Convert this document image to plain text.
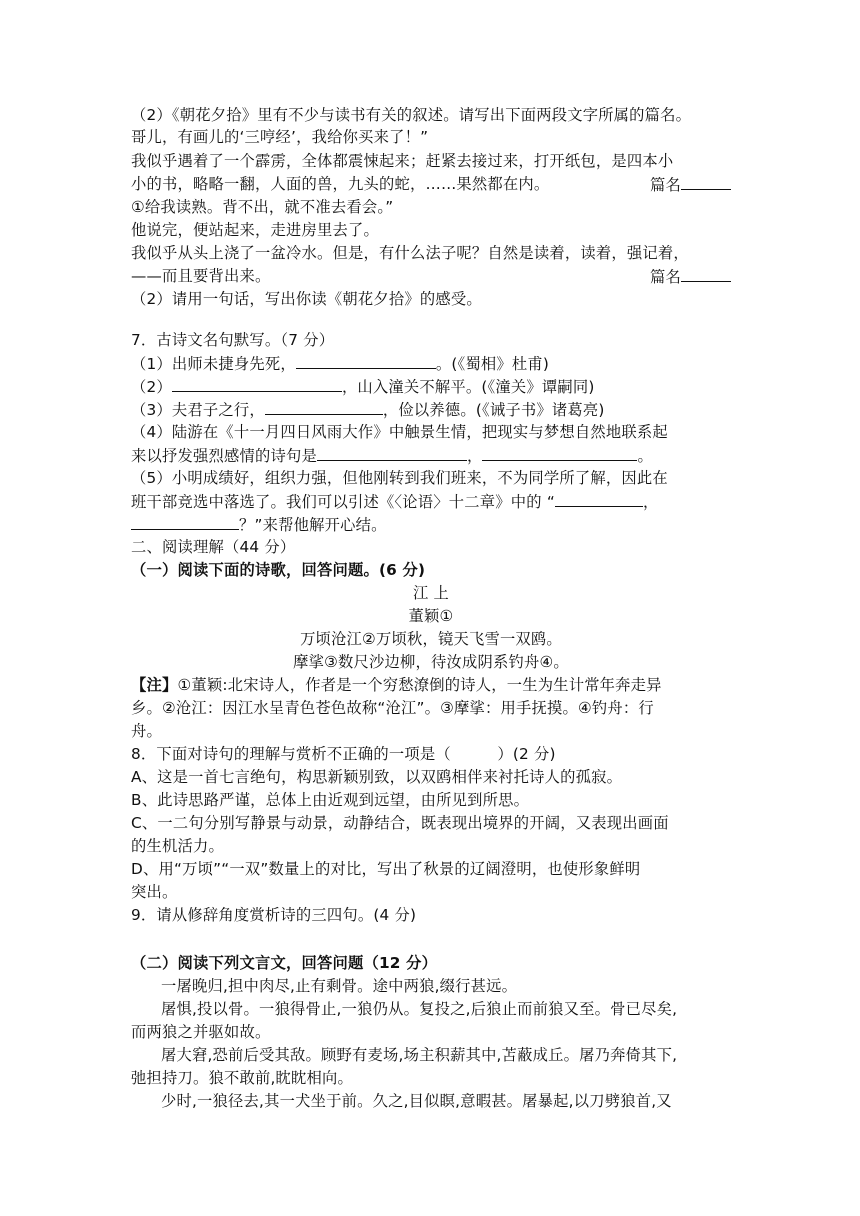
（2）《朝花夕拾》里有不少与读书有关的叙述。请写出下面两段文字所属的篇名。
哥儿，有画儿的‘三哼经’，我给你买来了！”
我似乎遇着了一个霹雳，全体都震悚起来；赶紧去接过来，打开纸包，是四本小
小的书，略略一翻，人面的兽，九头的蛇，……果然都在内。	篇名
①给我读熟。背不出，就不准去看会。”
他说完，便站起来，走进房里去了。
我似乎从头上浇了一盆冷水。但是，有什么法子呢？自然是读着，读着，强记着，
——而且要背出来。	篇名
（2）请用一句话，写出你读《朝花夕拾》的感受。
7．古诗文名句默写。（7 分）
（1）出师未捷身先死，	。(《蜀相》杜甫)
（2）	，山入潼关不解平。(《潼关》谭嗣同)
（3）夫君子之行，	，俭以养德。(《诫子书》诸葛亮)
（4）陆游在《十一月四日风雨大作》中触景生情，把现实与梦想自然地联系起
来以抒发强烈感情的诗句是	，	。
（5）小明成绩好，组织力强，但他刚转到我们班来，不为同学所了解，因此在
班干部竞选中落选了。我们可以引述《〈论语〉十二章》中的 “	，
？”来帮他解开心结。
二、阅读理解（44 分）
（一）阅读下面的诗歌，回答问题。(6 分)
江 上
董颖①
万顷沧江②万顷秋，镜天飞雪一双鸥。
摩挲③数尺沙边柳，待汝成阴系钓舟④。
【注】①董颖:北宋诗人，作者是一个穷愁潦倒的诗人，一生为生计常年奔走异
乡。②沧江：因江水呈青色苍色故称“沧江”。③摩挲：用手抚摸。④钓舟：行
舟。
8．下面对诗句的理解与赏析不正确的一项是（　　　）(2 分)
A、这是一首七言绝句，构思新颖别致，以双鸥相伴来衬托诗人的孤寂。
B、此诗思路严谨，总体上由近观到远望，由所见到所思。
C、一二句分别写静景与动景，动静结合，既表现出境界的开阔，又表现出画面
的生机活力。
D、用“万顷”“一双”数量上的对比，写出了秋景的辽阔澄明，也使形象鲜明
突出。
9．请从修辞角度赏析诗的三四句。(4 分)
（二）阅读下列文言文，回答问题（12 分）
一屠晚归,担中肉尽,止有剩骨。途中两狼,缀行甚远。
屠惧,投以骨。一狼得骨止,一狼仍从。复投之,后狼止而前狼又至。骨已尽矣,
而两狼之并驱如故。
屠大窘,恐前后受其敌。顾野有麦场,场主积薪其中,苫蔽成丘。屠乃奔倚其下,
弛担持刀。狼不敢前,眈眈相向。
少时,一狼径去,其一犬坐于前。久之,目似瞑,意暇甚。屠暴起,以刀劈狼首,又
